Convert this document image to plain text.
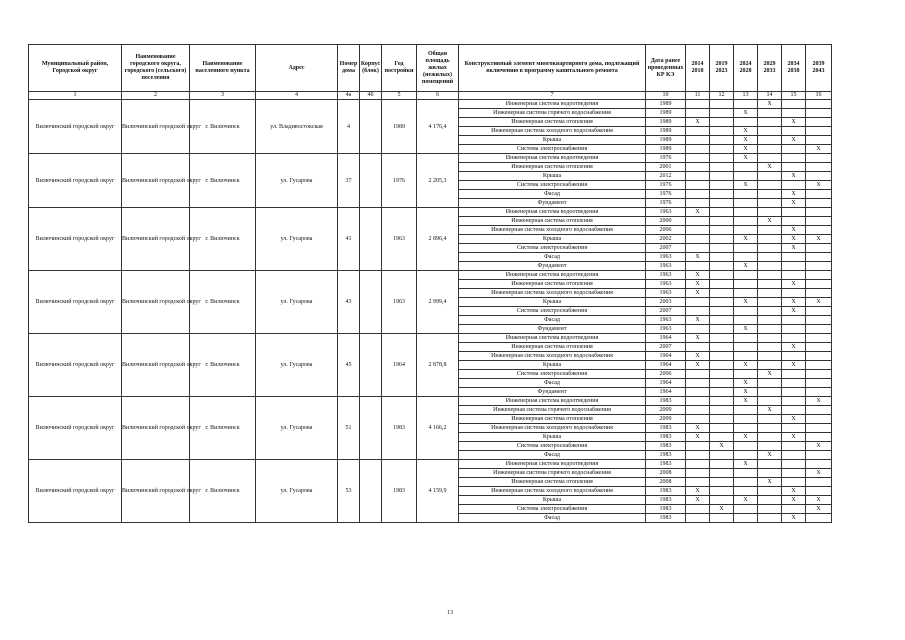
Муниципальный район, Городской округ	Наименование городского округа, городского (сельского) поселения	Наименование населенного пункта	Адрес	Номер дома	Корпус (блок)	Год постройки	Общая площадь жилых (нежилых) помещений	Конструктивный элемент многоквартирного дома, подлежащий включению в программу капитального ремонта	Дата ранее проведенных КР КЭ	2014 2018	2019 2023	2024 2028	2029 2033	2034 2038	2039 2043
1	2	3	4	4а	4б	5	6	7	10	11	12	13	14	15	16
Вилючинский городской округ	Вилючинский городской округ	г. Вилючинск	ул. Владивостокская	4		1989	4 176,4	Инженерная система водоотведения	1989				X		
								Инженерная система горячего водоснабжения	1989			X			
								Инженерная система отопления	1989	X				X	
								Инженерная система холодного водоснабжения	1989			X			
								Крыша	1989			X		X	
								Система электроснабжения	1989			X			X
Вилючинский городской округ	Вилючинский городской округ	г. Вилючинск	ул. Гусарова	37		1976	2 205,3	Инженерная система водоотведения	1976			X			
								Инженерная система отопления	2001				X		
								Крыша	2012					X	
								Система электроснабжения	1976			X			X
								Фасад	1976					X	
								Фундамент	1976					X	
Вилючинский городской округ	Вилючинский городской округ	г. Вилючинск	ул. Гусарова	41		1963	2 896,4	Инженерная система водоотведения	1963	X					
								Инженерная система отопления	2000				X		
								Инженерная система холодного водоснабжения	2006					X	
								Крыша	2002			X		X	X
								Система электроснабжения	2007					X	
								Фасад	1963	X					
								Фундамент	1963			X			
Вилючинский городской округ	Вилючинский городской округ	г. Вилючинск	ул. Гусарова	43		1963	2 999,4	Инженерная система водоотведения	1963	X					
								Инженерная система отопления	1963	X				X	
								Инженерная система холодного водоснабжения	1963	X					
								Крыша	2003			X		X	X
								Система электроснабжения	2007					X	
								Фасад	1963	X					
								Фундамент	1963			X			
Вилючинский городской округ	Вилючинский городской округ	г. Вилючинск	ул. Гусарова	45		1964	2 878,8	Инженерная система водоотведения	1964	X					
								Инженерная система отопления	2007					X	
								Инженерная система холодного водоснабжения	1964	X					
								Крыша	1964	X		X		X	
								Система электроснабжения	2006				X		
								Фасад	1964			X			
								Фундамент	1964			X			
Вилючинский городской округ	Вилючинский городской округ	г. Вилючинск	ул. Гусарова	51		1983	4 166,2	Инженерная система водоотведения	1983			X			X
								Инженерная система горячего водоснабжения	2009				X		
								Инженерная система отопления	2009					X	
								Инженерная система холодного водоснабжения	1983	X					
								Крыша	1983	X		X		X	
								Система электроснабжения	1983		X				X
								Фасад	1983				X		
Вилючинский городской округ	Вилючинский городской округ	г. Вилючинск	ул. Гусарова	53		1983	4 159,9	Инженерная система водоотведения	1983			X			
								Инженерная система горячего водоснабжения	2008						X
								Инженерная система отопления	2008				X		
								Инженерная система холодного водоснабжения	1983	X				X	
								Крыша	1983	X		X		X	X
								Система электроснабжения	1983		X				X
								Фасад	1983					X	
13
